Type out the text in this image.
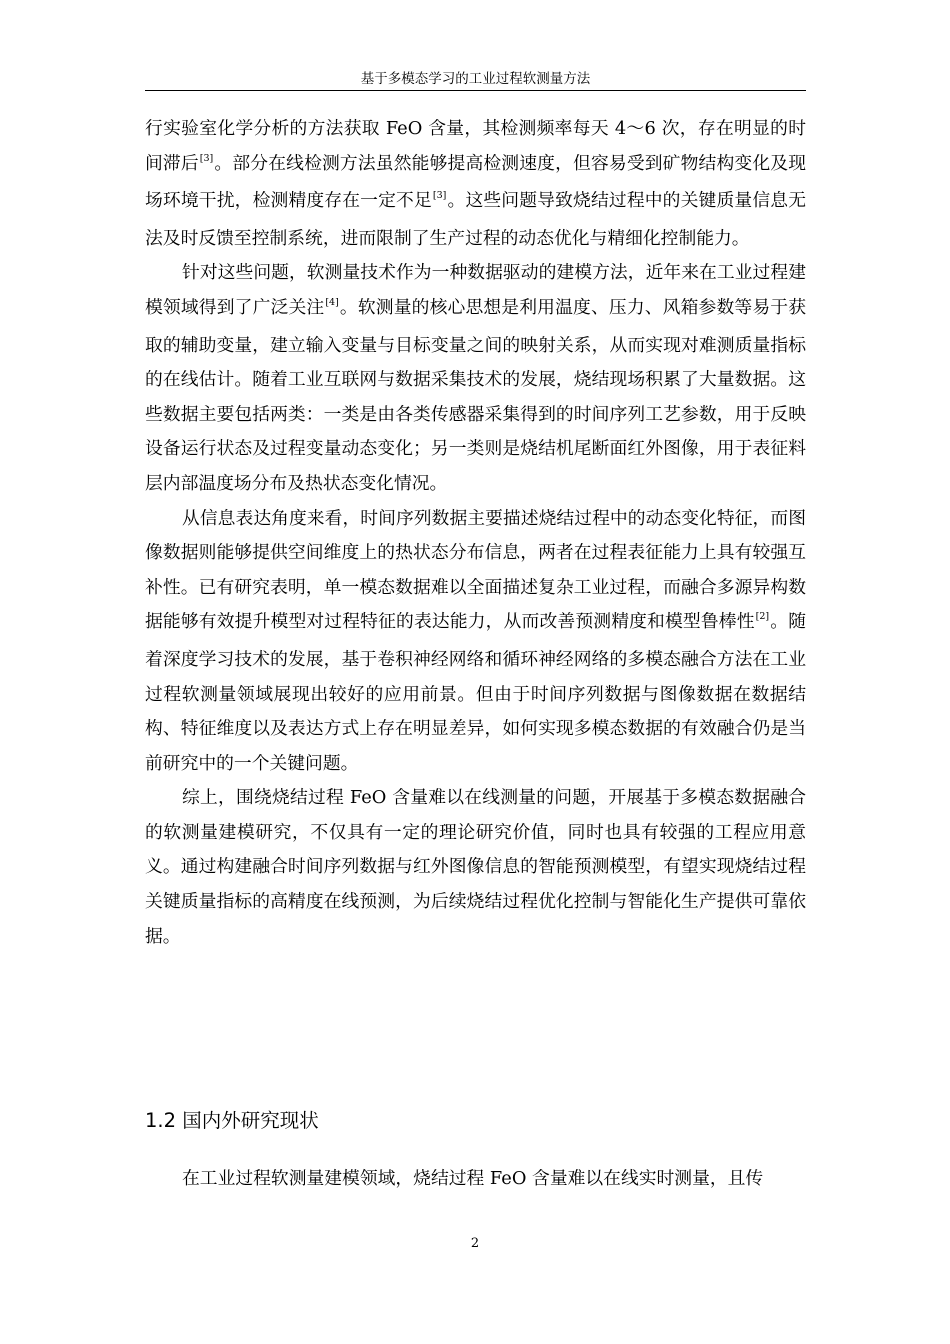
基于多模态学习的工业过程软测量方法

行实验室化学分析的方法获取 FeO 含量，其检测频率每天 4～6 次，存在明显的时间滞后[3]。部分在线检测方法虽然能够提高检测速度，但容易受到矿物结构变化及现场环境干扰，检测精度存在一定不足[3]。这些问题导致烧结过程中的关键质量信息无法及时反馈至控制系统，进而限制了生产过程的动态优化与精细化控制能力。

针对这些问题，软测量技术作为一种数据驱动的建模方法，近年来在工业过程建模领域得到了广泛关注[4]。软测量的核心思想是利用温度、压力、风箱参数等易于获取的辅助变量，建立输入变量与目标变量之间的映射关系，从而实现对难测质量指标的在线估计。随着工业互联网与数据采集技术的发展，烧结现场积累了大量数据。这些数据主要包括两类：一类是由各类传感器采集得到的时间序列工艺参数，用于反映设备运行状态及过程变量动态变化；另一类则是烧结机尾断面红外图像，用于表征料层内部温度场分布及热状态变化情况。

从信息表达角度来看，时间序列数据主要描述烧结过程中的动态变化特征，而图像数据则能够提供空间维度上的热状态分布信息，两者在过程表征能力上具有较强互补性。已有研究表明，单一模态数据难以全面描述复杂工业过程，而融合多源异构数据能够有效提升模型对过程特征的表达能力，从而改善预测精度和模型鲁棒性[2]。随着深度学习技术的发展，基于卷积神经网络和循环神经网络的多模态融合方法在工业过程软测量领域展现出较好的应用前景。但由于时间序列数据与图像数据在数据结构、特征维度以及表达方式上存在明显差异，如何实现多模态数据的有效融合仍是当前研究中的一个关键问题。

综上，围绕烧结过程 FeO 含量难以在线测量的问题，开展基于多模态数据融合的软测量建模研究，不仅具有一定的理论研究价值，同时也具有较强的工程应用意义。通过构建融合时间序列数据与红外图像信息的智能预测模型，有望实现烧结过程关键质量指标的高精度在线预测，为后续烧结过程优化控制与智能化生产提供可靠依据。

1.2 国内外研究现状

在工业过程软测量建模领域，烧结过程 FeO 含量难以在线实时测量，且传

2
